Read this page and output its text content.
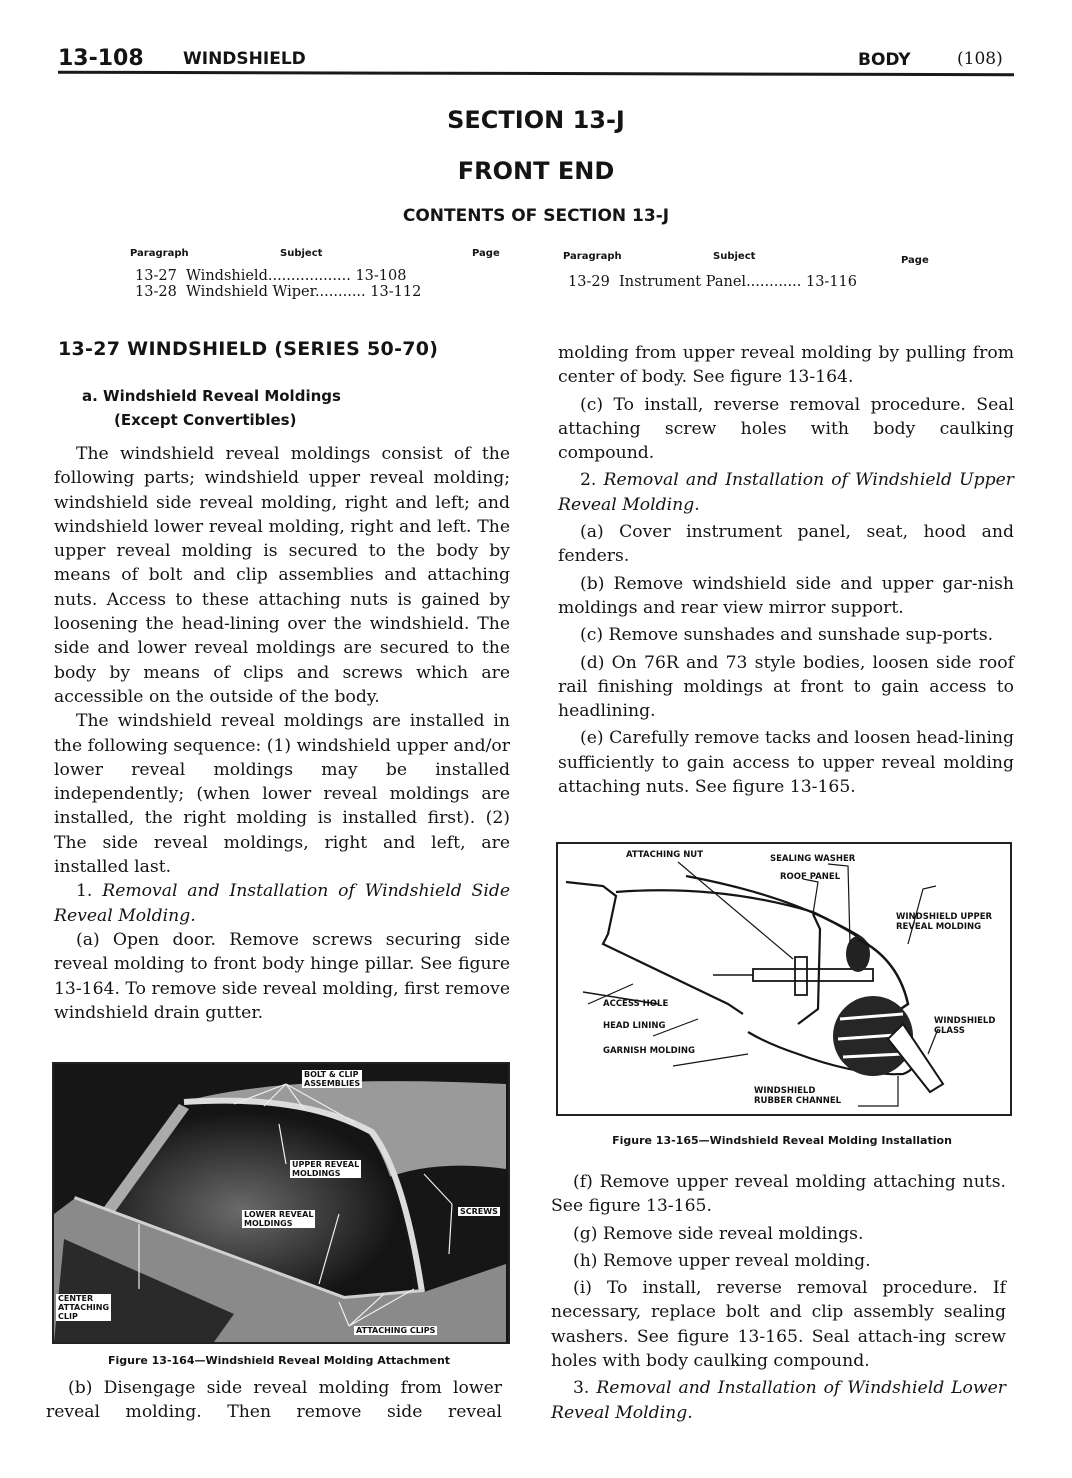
13-108 WINDSHIELD	BODY	(108)
SECTION 13-J
FRONT END
CONTENTS OF SECTION 13-J
Paragraph	Subject	Page
13-27 Windshield.................. 13-108
13-28 Windshield Wiper........... 13-112
Paragraph	Subject	Page
13-29 Instrument Panel............ 13-116
13-27 WINDSHIELD (SERIES 50-70)
a. Windshield Reveal Moldings
(Except Convertibles)

The windshield reveal moldings consist of the following parts; windshield upper reveal molding; windshield side reveal molding, right and left; and windshield lower reveal molding, right and left. The upper reveal molding is secured to the body by means of bolt and clip assemblies and attaching nuts. Access to these attaching nuts is gained by loosening the head-lining over the windshield. The side and lower reveal moldings are secured to the body by means of clips and screws which are accessible on the outside of the body.

The windshield reveal moldings are installed in the following sequence: (1) windshield upper and/or lower reveal moldings may be installed independently; (when lower reveal moldings are installed, the right molding is installed first). (2) The side reveal moldings, right and left, are installed last.

1. Removal and Installation of Windshield Side Reveal Molding.

(a) Open door. Remove screws securing side reveal molding to front body hinge pillar. See figure 13-164. To remove side reveal molding, first remove windshield drain gutter.

BOLT & CLIP
ASSEMBLIES
UPPER REVEAL
MOLDINGS
LOWER REVEAL
MOLDINGS
SCREWS
CENTER
ATTACHING
CLIP
ATTACHING CLIPS
Figure 13-164—Windshield Reveal Molding Attachment

(b) Disengage side reveal molding from lower reveal molding. Then remove side reveal

molding from upper reveal molding by pulling from center of body. See figure 13-164.

(c) To install, reverse removal procedure. Seal attaching screw holes with body caulking compound.

2. Removal and Installation of Windshield Upper Reveal Molding.

(a) Cover instrument panel, seat, hood and fenders.

(b) Remove windshield side and upper gar-nish moldings and rear view mirror support.

(c) Remove sunshades and sunshade sup-ports.

(d) On 76R and 73 style bodies, loosen side roof rail finishing moldings at front to gain access to headlining.

(e) Carefully remove tacks and loosen head-lining sufficiently to gain access to upper reveal molding attaching nuts. See figure 13-165.

ATTACHING NUT	SEALING WASHER
ROOF PANEL
WINDSHIELD UPPER
REVEAL MOLDING
ACCESS HOLE
HEAD LINING
GARNISH MOLDING
WINDSHIELD
GLASS
WINDSHIELD
RUBBER CHANNEL
Figure 13-165—Windshield Reveal Molding Installation

(f) Remove upper reveal molding attaching nuts. See figure 13-165.

(g) Remove side reveal moldings.

(h) Remove upper reveal molding.

(i) To install, reverse removal procedure. If necessary, replace bolt and clip assembly sealing washers. See figure 13-165. Seal attach-ing screw holes with body caulking compound.

3. Removal and Installation of Windshield Lower Reveal Molding.
